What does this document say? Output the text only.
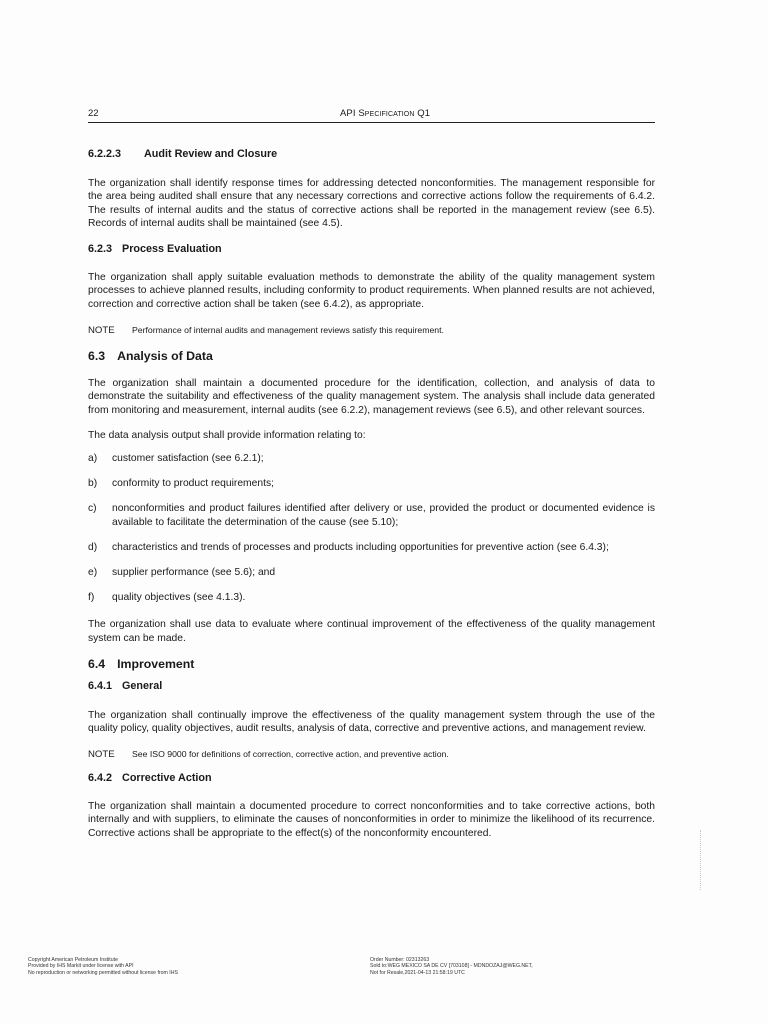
22	API Specification Q1
6.2.2.3	Audit Review and Closure

The organization shall identify response times for addressing detected nonconformities. The management responsible for the area being audited shall ensure that any necessary corrections and corrective actions follow the requirements of 6.4.2. The results of internal audits and the status of corrective actions shall be reported in the management review (see 6.5). Records of internal audits shall be maintained (see 4.5).

6.2.3 Process Evaluation

The organization shall apply suitable evaluation methods to demonstrate the ability of the quality management system processes to achieve planned results, including conformity to product requirements. When planned results are not achieved, correction and corrective action shall be taken (see 6.4.2), as appropriate.

NOTE	Performance of internal audits and management reviews satisfy this requirement.
6.3 Analysis of Data

The organization shall maintain a documented procedure for the identification, collection, and analysis of data to demonstrate the suitability and effectiveness of the quality management system. The analysis shall include data generated from monitoring and measurement, internal audits (see 6.2.2), management reviews (see 6.5), and other relevant sources.

The data analysis output shall provide information relating to:

a)	customer satisfaction (see 6.2.1);
b)	conformity to product requirements;
c)	nonconformities and product failures identified after delivery or use, provided the product or documented evidence is available to facilitate the determination of the cause (see 5.10);
d)	characteristics and trends of processes and products including opportunities for preventive action (see 6.4.3);
e)	supplier performance (see 5.6); and
f)	quality objectives (see 4.1.3).

The organization shall use data to evaluate where continual improvement of the effectiveness of the quality management system can be made.

6.4 Improvement
6.4.1 General

The organization shall continually improve the effectiveness of the quality management system through the use of the quality policy, quality objectives, audit results, analysis of data, corrective and preventive actions, and management review.

NOTE	See ISO 9000 for definitions of correction, corrective action, and preventive action.
6.4.2 Corrective Action

The organization shall maintain a documented procedure to correct nonconformities and to take corrective actions, both internally and with suppliers, to eliminate the causes of nonconformities in order to minimize the likelihood of its recurrence. Corrective actions shall be appropriate to the effect(s) of the nonconformity encountered.

Copyright American Petroleum Institute
Provided by IHS Markit under license with API
No reproduction or networking permitted without license from IHS
Order Number: 02313263
Sold to:WEG MEXICO SA DE CV [703108] - MDNDOZAJ@WEG.NET,
Not for Resale,2021-04-13 21:58:19 UTC
